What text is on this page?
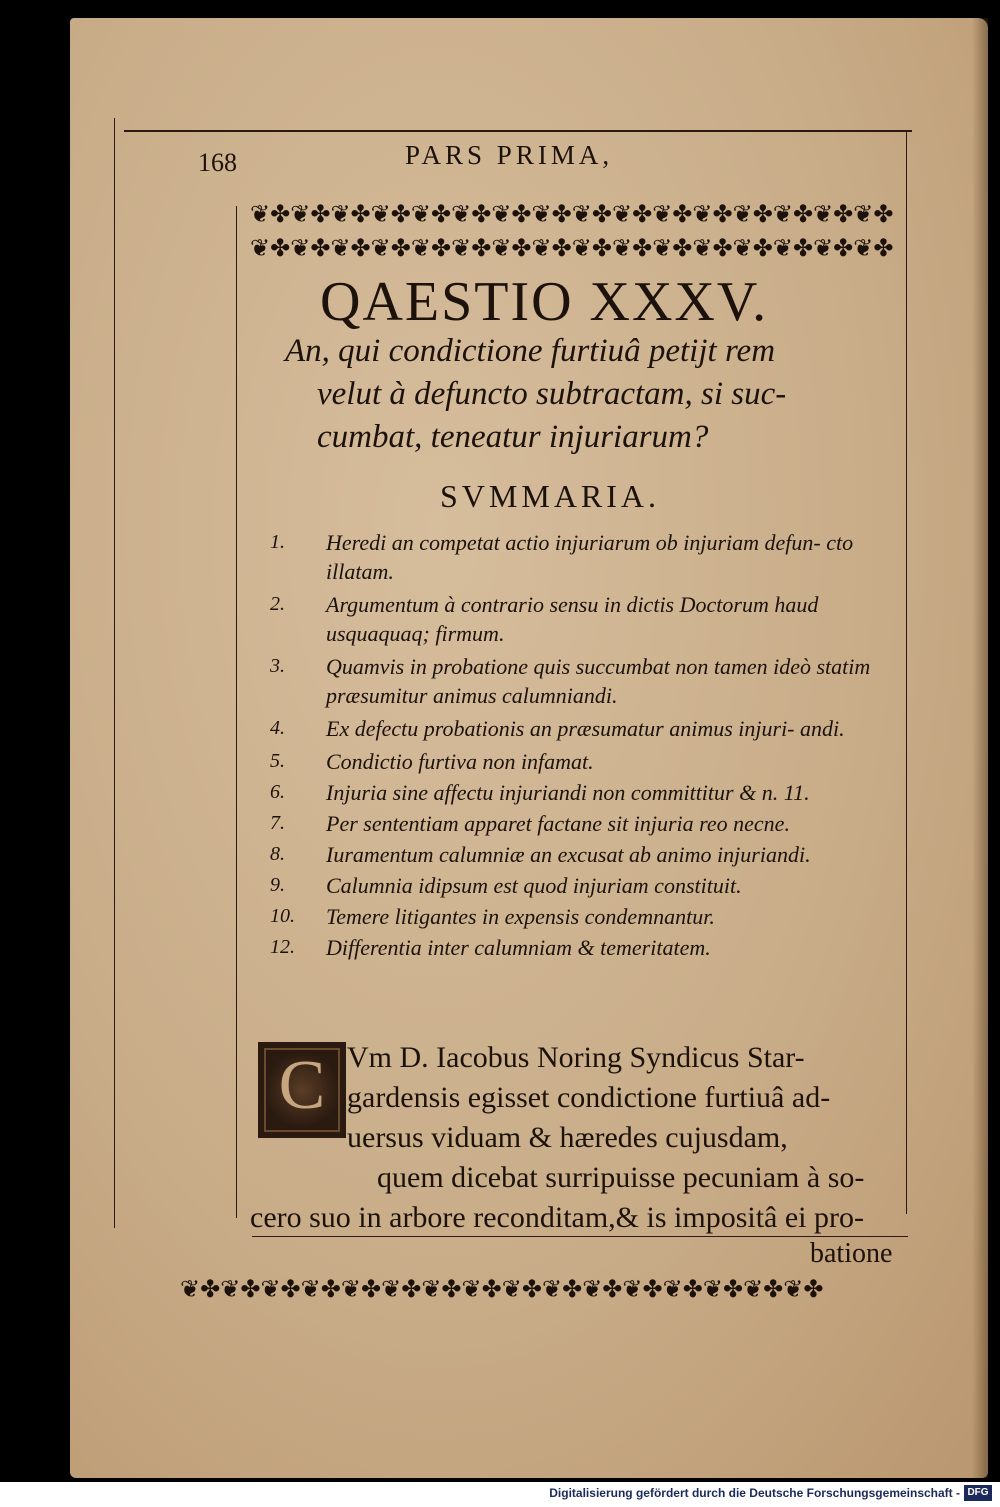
168	PARS PRIMA,
❦✤❦✤❦✤❦✤❦✤❦✤❦✤❦✤❦✤❦✤❦✤❦✤❦✤❦✤❦✤❦✤
❦✤❦✤❦✤❦✤❦✤❦✤❦✤❦✤❦✤❦✤❦✤❦✤❦✤❦✤❦✤❦✤
QAESTIO XXXV.
An, qui condictione furtiuâ petijt rem
velut à defuncto subtractam, si suc-
cumbat, teneatur injuriarum?
SVMMARIA.
1.	Heredi an competat actio injuriarum ob injuriam defun- cto illatam.
2.	Argumentum à contrario sensu in dictis Doctorum haud usquaquaq; firmum.
3.	Quamvis in probatione quis succumbat non tamen ideò statim præsumitur animus calumniandi.
4.	Ex defectu probationis an præsumatur animus injuri- andi.
5.	Condictio furtiva non infamat.
6.	Injuria sine affectu injuriandi non committitur & n. 11.
7.	Per sententiam apparet factane sit injuria reo necne.
8.	Iuramentum calumniæ an excusat ab animo injuriandi.
9.	Calumnia idipsum est quod injuriam constituit.
10.	Temere litigantes in expensis condemnantur.
12.	Differentia inter calumniam & temeritatem.
C Vm D. Iacobus Noring Syndicus Star-
gardensis egisset condictione furtiuâ ad-
uersus viduam & hæredes cujusdam,
quem dicebat surripuisse pecuniam à so-
cero suo in arbore reconditam,& is impositâ ei pro-
batione
❦✤❦✤❦✤❦✤❦✤❦✤❦✤❦✤❦✤❦✤❦✤❦✤❦✤❦✤❦✤❦✤
Digitalisierung gefördert durch die Deutsche Forschungsgemeinschaft - DFG
